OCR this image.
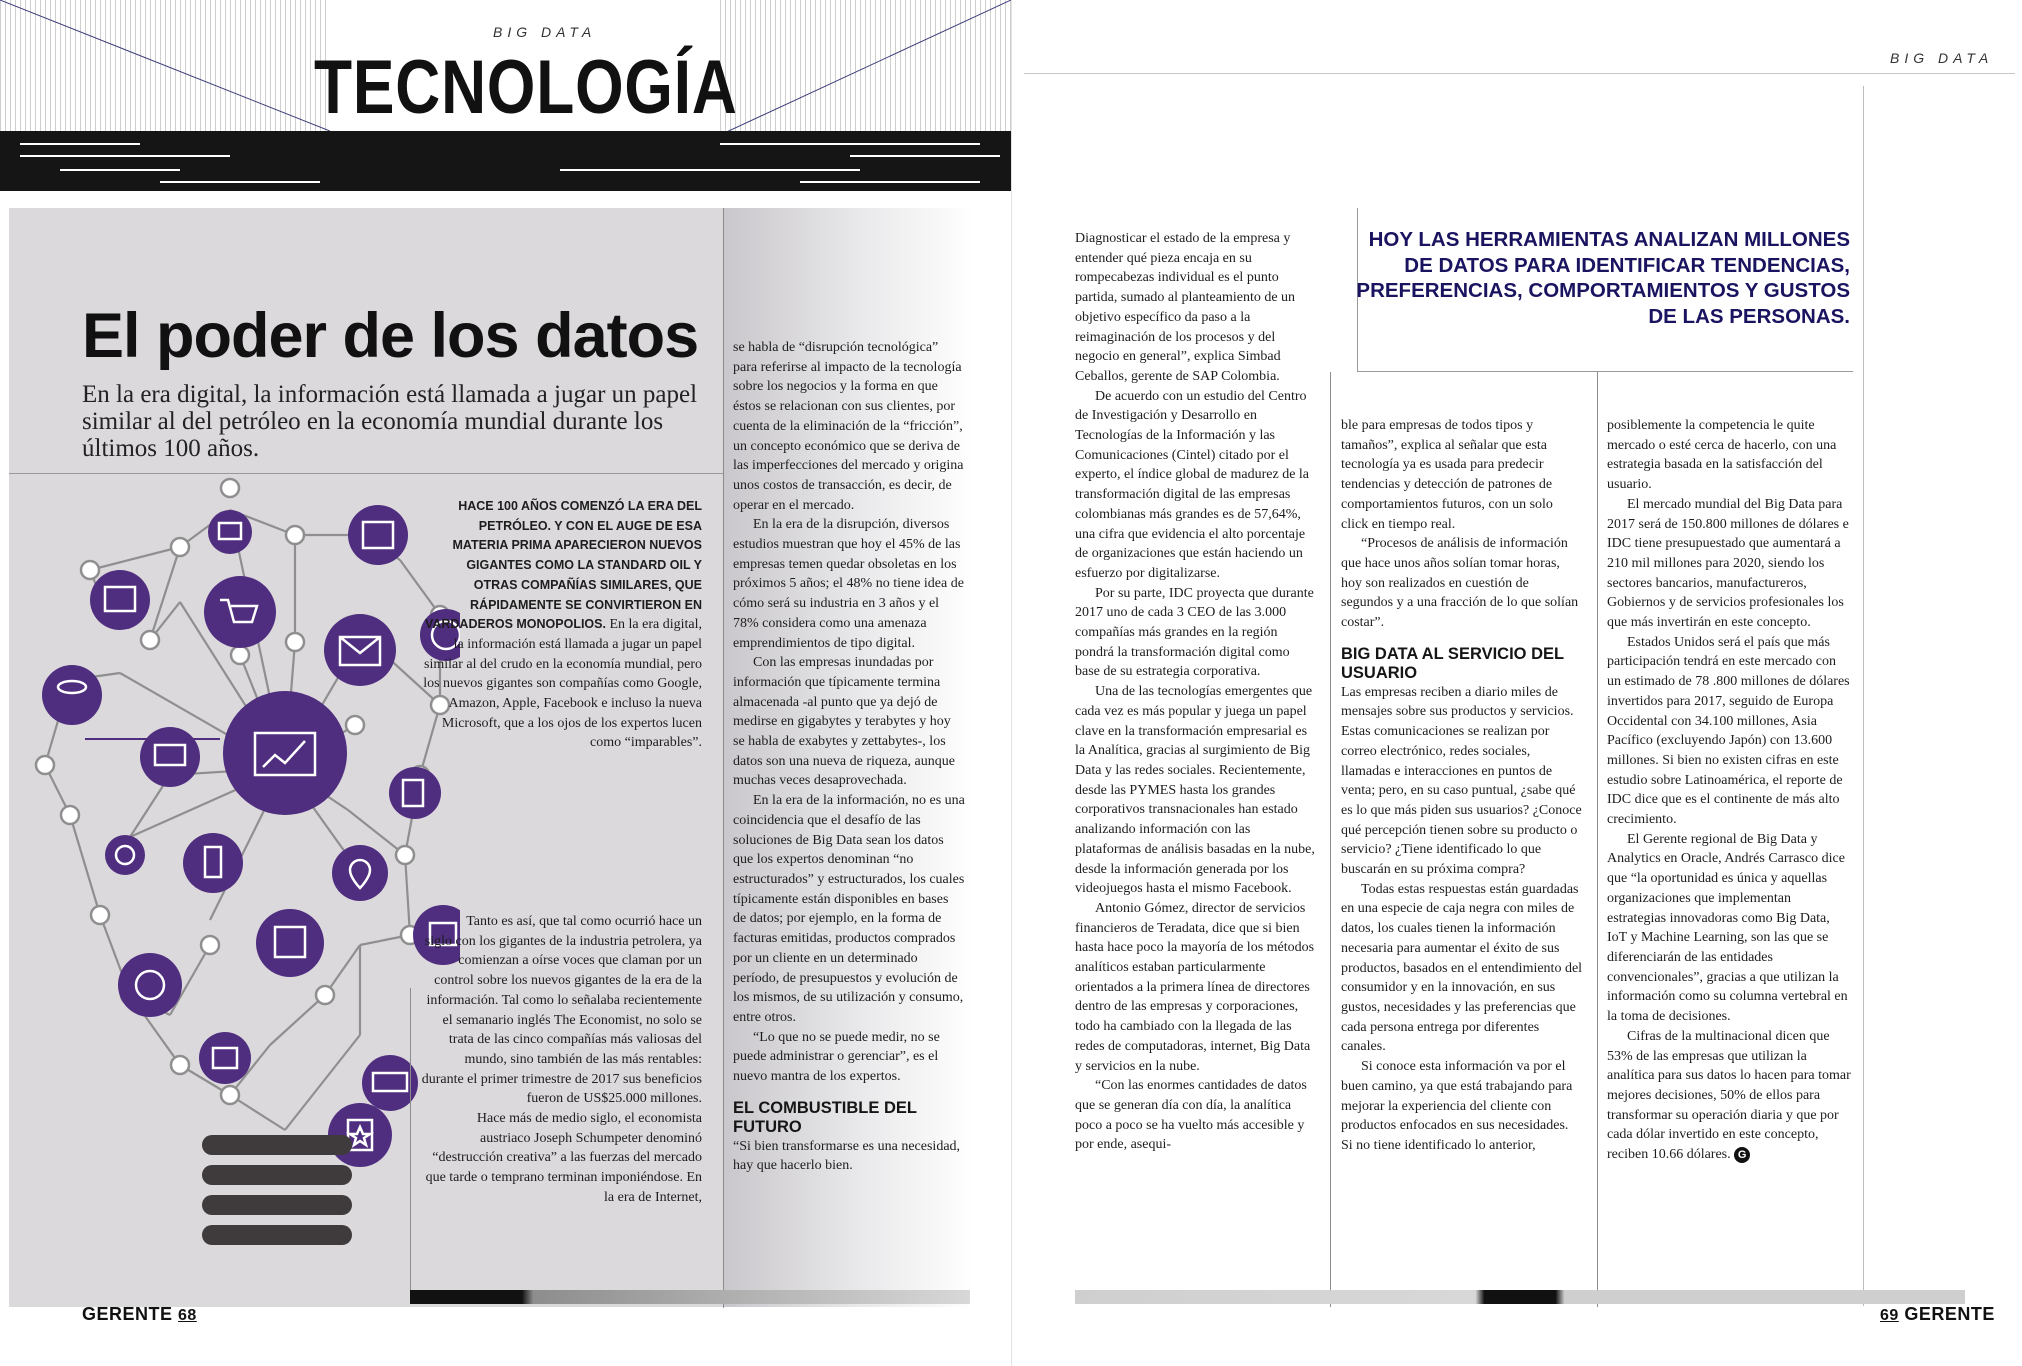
BIG DATA
TECNOLOGÍA
El poder de los datos
En la era digital, la información está llamada a jugar un papel similar al del petróleo en la economía mundial durante los últimos 100 años.

HACE 100 AÑOS COMENZÓ LA ERA DEL PETRÓLEO. Y CON EL AUGE DE ESA MATERIA PRIMA APARECIERON NUEVOS GIGANTES COMO LA STANDARD OIL Y OTRAS COMPAÑÍAS SIMILARES, QUE RÁPIDAMENTE SE CONVIRTIERON EN VARDADEROS MONOPOLIOS. En la era digital, la información está llamada a jugar un papel similar al del crudo en la economía mundial, pero los nuevos gigantes son compañías como Google, Amazon, Apple, Facebook e incluso la nueva Microsoft, que a los ojos de los expertos lucen como “imparables”.

Tanto es así, que tal como ocurrió hace un siglo con los gigantes de la industria petrolera, ya comienzan a oírse voces que claman por un control sobre los nuevos gigantes de la era de la información. Tal como lo señalaba recientemente el semanario inglés The Economist, no solo se trata de las cinco compañías más valiosas del mundo, sino también de las más rentables: durante el primer trimestre de 2017 sus beneficios fueron de US$25.000 millones.

Hace más de medio siglo, el economista austriaco Joseph Schumpeter denominó “destrucción creativa” a las fuerzas del mercado que tarde o temprano terminan imponiéndose. En la era de Internet,

se habla de “disrupción tecnológica” para referirse al impacto de la tecnología sobre los negocios y la forma en que éstos se relacionan con sus clientes, por cuenta de la eliminación de la “fricción”, un concepto económico que se deriva de las imperfecciones del mercado y origina unos costos de transacción, es decir, de operar en el mercado.

En la era de la disrupción, diversos estudios muestran que hoy el 45% de las empresas temen quedar obsoletas en los próximos 5 años; el 48% no tiene idea de cómo será su industria en 3 años y el 78% considera como una amenaza emprendimientos de tipo digital.

Con las empresas inundadas por información que típicamente termina almacenada -al punto que ya dejó de medirse en gigabytes y terabytes y hoy se habla de exabytes y zettabytes-, los datos son una nueva de riqueza, aunque muchas veces desaprovechada.

En la era de la información, no es una coincidencia que el desafío de las soluciones de Big Data sean los datos que los expertos denominan “no estructurados” y estructurados, los cuales típicamente están disponibles en bases de datos; por ejemplo, en la forma de facturas emitidas, productos comprados por un cliente en un determinado período, de presupuestos y evolución de los mismos, de su utilización y consumo, entre otros.

“Lo que no se puede medir, no se puede administrar o gerenciar”, es el nuevo mantra de los expertos.

EL COMBUSTIBLE DEL FUTURO

“Si bien transformarse es una necesidad, hay que hacerlo bien.

GERENTE 68
BIG DATA
HOY LAS HERRAMIENTAS ANALIZAN MILLONES DE DATOS PARA IDENTIFICAR TENDENCIAS, PREFERENCIAS, COMPORTAMIENTOS Y GUSTOS DE LAS PERSONAS.

Diagnosticar el estado de la empresa y entender qué pieza encaja en su rompecabezas individual es el punto partida, sumado al planteamiento de un objetivo específico da paso a la reimaginación de los procesos y del negocio en general”, explica Simbad Ceballos, gerente de SAP Colombia.

De acuerdo con un estudio del Centro de Investigación y Desarrollo en Tecnologías de la Información y las Comunicaciones (Cintel) citado por el experto, el índice global de madurez de la transformación digital de las empresas colombianas más grandes es de 57,64%, una cifra que evidencia el alto porcentaje de organizaciones que están haciendo un esfuerzo por digitalizarse.

Por su parte, IDC proyecta que durante 2017 uno de cada 3 CEO de las 3.000 compañías más grandes en la región pondrá la transformación digital como base de su estrategia corporativa.

Una de las tecnologías emergentes que cada vez es más popular y juega un papel clave en la transformación empresarial es la Analítica, gracias al surgimiento de Big Data y las redes sociales. Recientemente, desde las PYMES hasta los grandes corporativos transnacionales han estado analizando información con las plataformas de análisis basadas en la nube, desde la información generada por los videojuegos hasta el mismo Facebook.

Antonio Gómez, director de servicios financieros de Teradata, dice que si bien hasta hace poco la mayoría de los métodos analíticos estaban particularmente orientados a la primera línea de directores dentro de las empresas y corporaciones, todo ha cambiado con la llegada de las redes de computadoras, internet, Big Data y servicios en la nube.

“Con las enormes cantidades de datos que se generan día con día, la analítica poco a poco se ha vuelto más accesible y por ende, asequi-

ble para empresas de todos tipos y tamaños”, explica al señalar que esta tecnología ya es usada para predecir tendencias y detección de patrones de comportamientos futuros, con un solo click en tiempo real.

“Procesos de análisis de información que hace unos años solían tomar horas, hoy son realizados en cuestión de segundos y a una fracción de lo que solían costar”.

BIG DATA AL SERVICIO DEL USUARIO

Las empresas reciben a diario miles de mensajes sobre sus productos y servicios. Estas comunicaciones se realizan por correo electrónico, redes sociales, llamadas e interacciones en puntos de venta; pero, en su caso puntual, ¿sabe qué es lo que más piden sus usuarios? ¿Conoce qué percepción tienen sobre su producto o servicio? ¿Tiene identificado lo que buscarán en su próxima compra?

Todas estas respuestas están guardadas en una especie de caja negra con miles de datos, los cuales tienen la información necesaria para aumentar el éxito de sus productos, basados en el entendimiento del consumidor y en la innovación, en sus gustos, necesidades y las preferencias que cada persona entrega por diferentes canales.

Si conoce esta información va por el buen camino, ya que está trabajando para mejorar la experiencia del cliente con productos enfocados en sus necesidades. Si no tiene identificado lo anterior,

posiblemente la competencia le quite mercado o esté cerca de hacerlo, con una estrategia basada en la satisfacción del usuario.

El mercado mundial del Big Data para 2017 será de 150.800 millones de dólares e IDC tiene presupuestado que aumentará a 210 mil millones para 2020, siendo los sectores bancarios, manufactureros, Gobiernos y de servicios profesionales los que más invertirán en este concepto.

Estados Unidos será el país que más participación tendrá en este mercado con un estimado de 78 .800 millones de dólares invertidos para 2017, seguido de Europa Occidental con 34.100 millones, Asia Pacífico (excluyendo Japón) con 13.600 millones. Si bien no existen cifras en este estudio sobre Latinoamérica, el reporte de IDC dice que es el continente de más alto crecimiento.

El Gerente regional de Big Data y Analytics en Oracle, Andrés Carrasco dice que “la oportunidad es única y aquellas organizaciones que implementan estrategias innovadoras como Big Data, IoT y Machine Learning, son las que se diferenciarán de las entidades convencionales”, gracias a que utilizan la información como su columna vertebral en la toma de decisiones.

Cifras de la multinacional dicen que 53% de las empresas que utilizan la analítica para sus datos lo hacen para tomar mejores decisiones, 50% de ellos para transformar su operación diaria y que por cada dólar invertido en este concepto, reciben 10.66 dólares. G

69 GERENTE
